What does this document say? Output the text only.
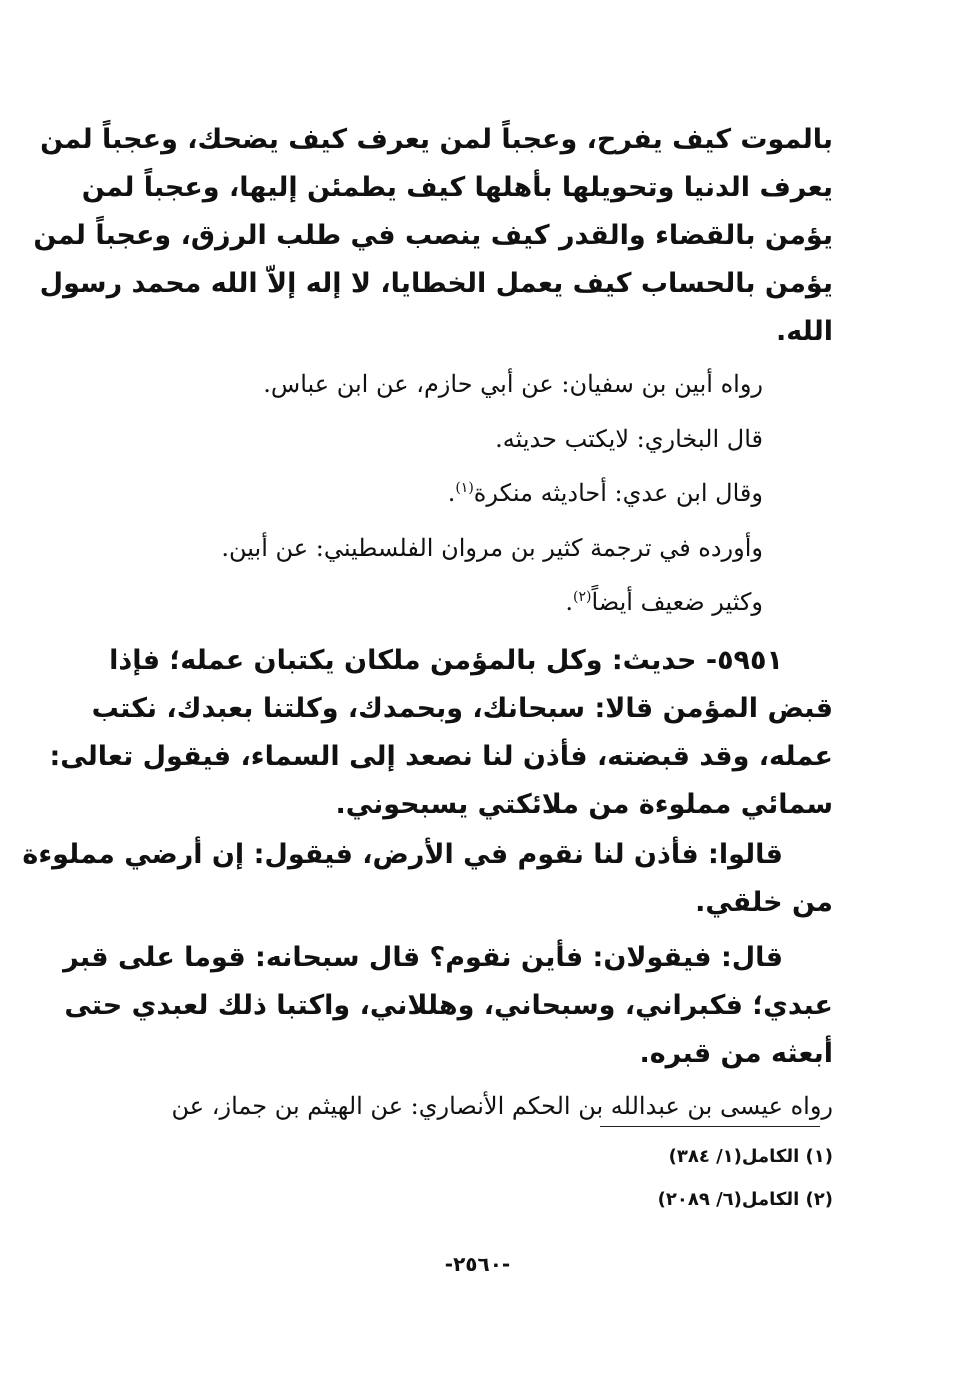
بالموت كيف يفرح، وعجباً لمن يعرف كيف يضحك، وعجباً لمن
يعرف الدنيا وتحويلها بأهلها كيف يطمئن إليها، وعجباً لمن
يؤمن بالقضاء والقدر كيف ينصب في طلب الرزق، وعجباً لمن
يؤمن بالحساب كيف يعمل الخطايا، لا إله إلاّ الله محمد رسول
الله.
رواه أبين بن سفيان: عن أبي حازم، عن ابن عباس.
قال البخاري: لايكتب حديثه.
وقال ابن عدي: أحاديثه منكرة$^{(١)}$.
وأورده في ترجمة كثير بن مروان الفلسطيني: عن أبين.
وكثير ضعيف أيضاً$^{(٢)}$.
٥٩٥١- حديث: وكل بالمؤمن ملكان يكتبان عمله؛ فإذا
قبض المؤمن قالا: سبحانك، وبحمدك، وكلتنا بعبدك، نكتب
عمله، وقد قبضته، فأذن لنا نصعد إلى السماء، فيقول تعالى:
سمائي مملوءة من ملائكتي يسبحوني.
قالوا: فأذن لنا نقوم في الأرض، فيقول: إن أرضي مملوءة
من خلقي.
قال: فيقولان: فأين نقوم؟ قال سبحانه: قوما على قبر
عبدي؛ فكبراني، وسبحاني، وهللاني، واكتبا ذلك لعبدي حتى
أبعثه من قبره.
رواه عيسى بن عبدالله بن الحكم الأنصاري: عن الهيثم بن جماز، عن
(١) الكامل(١/ ٣٨٤)
(٢) الكامل(٦/ ٢٠٨٩)
-٢٥٦٠-
